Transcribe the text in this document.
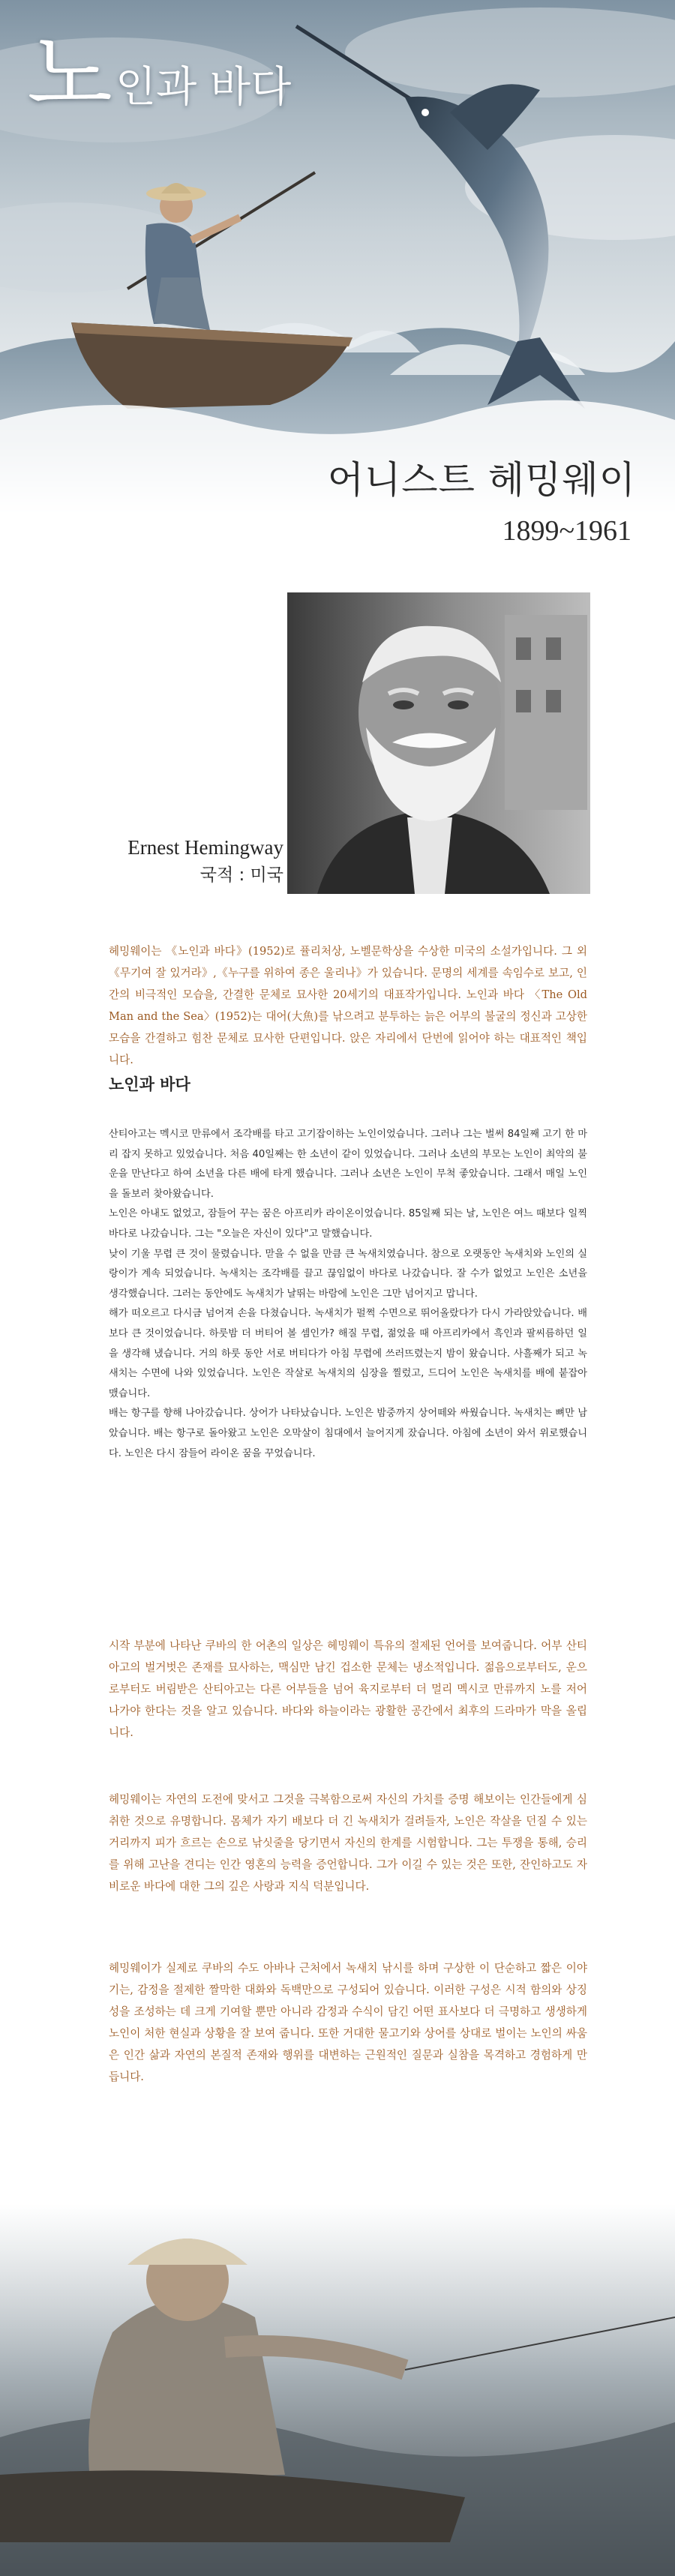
노인과 바다
어니스트 헤밍웨이
1899~1961
Ernest Hemingway
국적 : 미국
헤밍웨이는 《노인과 바다》(1952)로 퓰리처상, 노벨문학상을 수상한 미국의 소설가입니다. 그 외《무기여 잘 있거라》,《누구를 위하여 종은 울리나》가 있습니다. 문명의 세계를 속임수로 보고, 인간의 비극적인 모습을, 간결한 문체로 묘사한 20세기의 대표작가입니다. 노인과 바다 〈The Old Man and the Sea〉(1952)는 대어(大魚)를 낚으려고 분투하는 늙은 어부의 불굴의 정신과 고상한 모습을 간결하고 힘찬 문체로 묘사한 단편입니다. 앉은 자리에서 단번에 읽어야 하는 대표적인 책입니다.
노인과 바다

산티아고는 멕시코 만류에서 조각배를 타고 고기잡이하는 노인이었습니다. 그러나 그는 벌써 84일째 고기 한 마리 잡지 못하고 있었습니다. 처음 40일째는 한 소년이 같이 있었습니다. 그러나 소년의 부모는 노인이 최악의 불운을 만난다고 하여 소년을 다른 배에 타게 했습니다. 그러나 소년은 노인이 무척 좋았습니다. 그래서 매일 노인을 돌보러 찾아왔습니다.

노인은 아내도 없었고, 잠들어 꾸는 꿈은 아프리카 라이온이었습니다. 85일째 되는 날, 노인은 여느 때보다 일찍 바다로 나갔습니다. 그는 "오늘은 자신이 있다"고 말했습니다.

낮이 기울 무렵 큰 것이 물렸습니다. 맏을 수 없을 만큼 큰 녹새치였습니다. 참으로 오랫동안 녹새치와 노인의 실랑이가 계속 되었습니다. 녹새치는 조각배를 끌고 끊임없이 바다로 나갔습니다. 잘 수가 없었고 노인은 소년을 생각했습니다. 그러는 동안에도 녹새치가 날뛰는 바람에 노인은 그만 넘어지고 맙니다.

해가 떠오르고 다시금 넘어져 손을 다쳤습니다. 녹새치가 펄쩍 수면으로 뛰어올랐다가 다시 가라앉았습니다. 배보다 큰 것이었습니다. 하룻밤 더 버티어 볼 셈인가? 해질 무렵, 젊었을 때 아프리카에서 흑인과 팔씨름하던 일을 생각해 냈습니다. 거의 하룻 동안 서로 버티다가 아침 무렵에 쓰러뜨렸는지 밤이 왔습니다. 사흘째가 되고 녹새치는 수면에 나와 있었습니다. 노인은 작살로 녹새치의 심장을 찔렀고, 드디어 노인은 녹새치를 배에 붙잡아 맸습니다.

배는 항구를 향해 나아갔습니다. 상어가 나타났습니다. 노인은 밤중까지 상어떼와 싸웠습니다. 녹새치는 뼈만 남았습니다. 배는 항구로 돌아왔고 노인은 오막살이 침대에서 늘어지게 잤습니다. 아침에 소년이 와서 위로했습니다. 노인은 다시 잠들어 라이온 꿈을 꾸었습니다.

시작 부분에 나타난 쿠바의 한 어촌의 일상은 헤밍웨이 특유의 절제된 언어를 보여줍니다. 어부 산티아고의 벌거벗은 존재를 묘사하는, 맥심만 남긴 겁소한 문체는 냉소적입니다. 젊음으로부터도, 운으로부터도 버림받은 산티아고는 다른 어부들을 넘어 육지로부터 더 멀리 멕시코 만류까지 노를 저어 나가야 한다는 것을 알고 있습니다. 바다와 하늘이라는 광활한 공간에서 최후의 드라마가 막을 올립니다.
헤밍웨이는 자연의 도전에 맞서고 그것을 극복함으로써 자신의 가치를 증명 해보이는 인간들에게 심취한 것으로 유명합니다. 몸체가 자기 배보다 더 긴 녹새치가 걸려들자, 노인은 작살을 던질 수 있는 거리까지 피가 흐르는 손으로 낚싯줄을 당기면서 자신의 한계를 시험합니다. 그는 투쟁을 통해, 승리를 위해 고난을 견디는 인간 영혼의 능력을 증언합니다. 그가 이길 수 있는 것은 또한, 잔인하고도 자비로운 바다에 대한 그의 깊은 사랑과 지식 덕분입니다.
헤밍웨이가 실제로 쿠바의 수도 아바나 근처에서 녹새치 낚시를 하며 구상한 이 단순하고 짧은 이야기는, 감정을 절제한 짤막한 대화와 독백만으로 구성되어 있습니다. 이러한 구성은 시적 함의와 상징성을 조성하는 데 크게 기여할 뿐만 아니라 감정과 수식이 담긴 어떤 표사보다 더 극명하고 생생하게 노인이 처한 현실과 상황을 잘 보여 줍니다. 또한 거대한 물고기와 상어를 상대로 벌이는 노인의 싸움은 인간 삶과 자연의 본질적 존재와 행위를 대변하는 근원적인 질문과 실참을 목격하고 경험하게 만듭니다.
